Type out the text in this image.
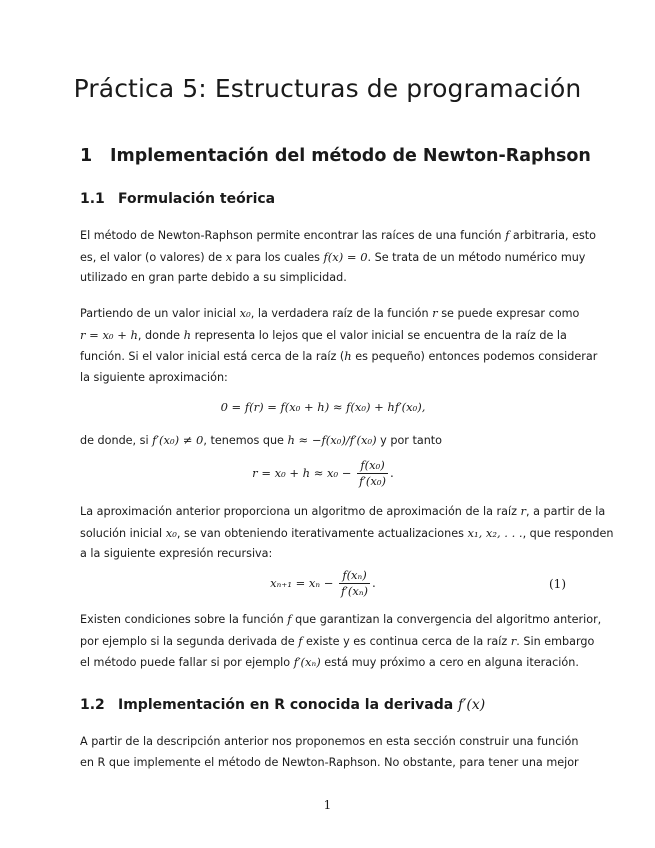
Práctica 5: Estructuras de programación
1 Implementación del método de Newton-Raphson
1.1 Formulación teórica
El método de Newton-Raphson permite encontrar las raíces de una función f arbitraria, esto
es, el valor (o valores) de x para los cuales f(x) = 0. Se trata de un método numérico muy
utilizado en gran parte debido a su simplicidad.
Partiendo de un valor inicial x₀, la verdadera raíz de la función r se puede expresar como
r = x₀ + h, donde h representa lo lejos que el valor inicial se encuentra de la raíz de la
función. Si el valor inicial está cerca de la raíz (h es pequeño) entonces podemos considerar
la siguiente aproximación:
0 = f(r) = f(x₀ + h) ≈ f(x₀) + hf′(x₀),
de donde, si f′(x₀) ≠ 0, tenemos que h ≈ −f(x₀)/f′(x₀) y por tanto
$r = x_0 + h \approx x_0 - \frac{\text{f(x₀)}}{\text{f′(x₀)}}$ .
La aproximación anterior proporciona un algoritmo de aproximación de la raíz r, a partir de la
solución inicial x₀, se van obteniendo iterativamente actualizaciones x₁, x₂, . . ., que responden
a la siguiente expresión recursiva:
$x_{n+1} = x_n - \frac{\text{f(xₙ)}}{\text{f′(xₙ)}}$ .	(1)
Existen condiciones sobre la función f que garantizan la convergencia del algoritmo anterior,
por ejemplo si la segunda derivada de f existe y es continua cerca de la raíz r. Sin embargo
el método puede fallar si por ejemplo f′(xₙ) está muy próximo a cero en alguna iteración.
1.2 Implementación en R conocida la derivada f′(x)
A partir de la descripción anterior nos proponemos en esta sección construir una función
en R que implemente el método de Newton-Raphson. No obstante, para tener una mejor
1
